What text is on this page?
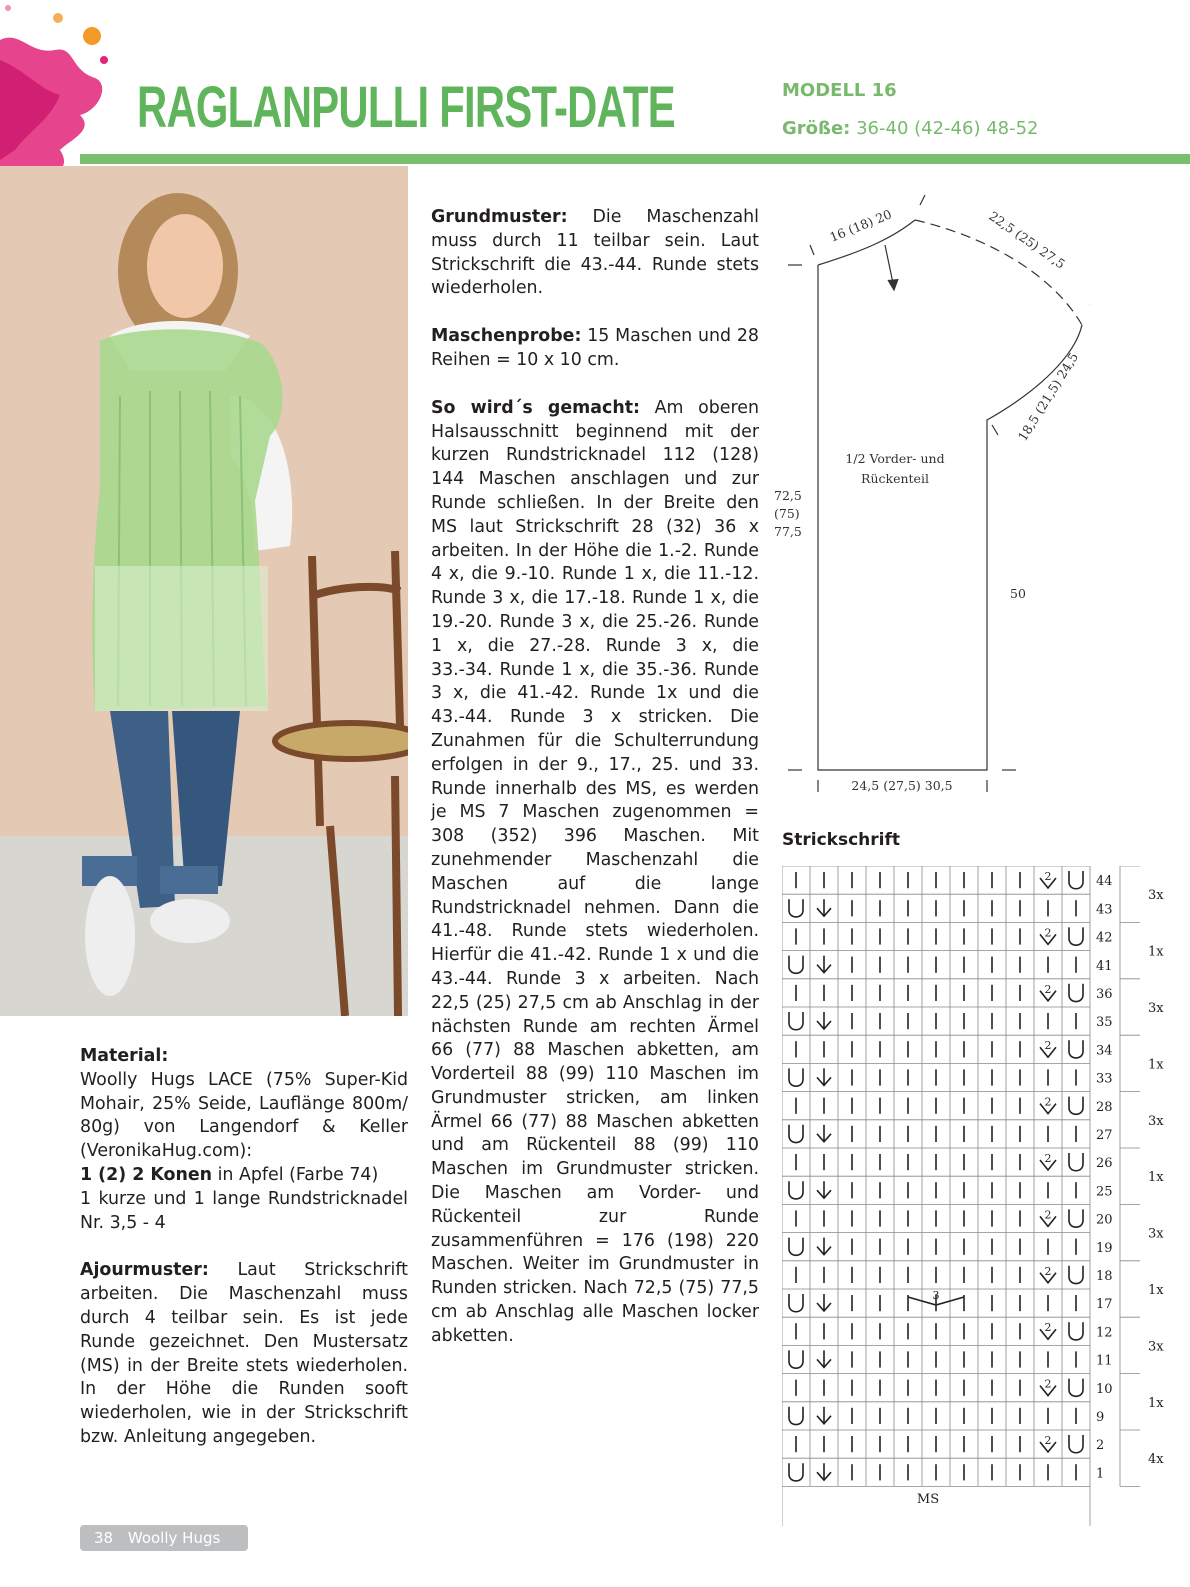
RAGLANPULLI FIRST-DATE	MODELL 16
Größe: 36-40 (42-46) 48-52

Material:
Woolly Hugs LACE (75% Super-Kid Mohair, 25% Seide, Lauflänge 800m/ 80g) von Langendorf & Keller (VeronikaHug.com):
1 (2) 2 Konen in Apfel (Farbe 74)
1 kurze und 1 lange Rundstricknadel Nr. 3,5 - 4

Ajourmuster: Laut Strickschrift arbeiten. Die Maschenzahl muss durch 4 teilbar sein. Es ist jede Runde gezeichnet. Den Mustersatz (MS) in der Breite stets wiederholen. In der Höhe die Runden sooft wiederholen, wie in der Strickschrift bzw. Anleitung angegeben.

Grundmuster: Die Maschenzahl muss durch 11 teilbar sein. Laut Strickschrift die 43.-44. Runde stets wiederholen.

Maschenprobe: 15 Maschen und 28 Reihen = 10 x 10 cm.

So wird´s gemacht: Am oberen Halsausschnitt beginnend mit der kurzen Rundstricknadel 112 (128) 144 Maschen anschlagen und zur Runde schließen. In der Breite den MS laut Strickschrift 28 (32) 36 x arbeiten. In der Höhe die 1.-2. Runde 4 x, die 9.-10. Runde 1 x, die 11.-12. Runde 3 x, die 17.-18. Runde 1 x, die 19.-20. Runde 3 x, die 25.-26. Runde 1 x, die 27.-28. Runde 3 x, die 33.-34. Runde 1 x, die 35.-36. Runde 3 x, die 41.-42. Runde 1x und die 43.-44. Runde 3 x stricken. Die Zunahmen für die Schulterrundung erfolgen in der 9., 17., 25. und 33. Runde innerhalb des MS, es werden je MS 7 Maschen zugenommen = 308 (352) 396 Maschen. Mit zunehmender Maschenzahl die Maschen auf die lange Rundstricknadel nehmen. Dann die 41.-48. Runde stets wiederholen. Hierfür die 41.-42. Runde 1 x und die 43.-44. Runde 3 x arbeiten. Nach 22,5 (25) 27,5 cm ab Anschlag in der nächsten Runde am rechten Ärmel 66 (77) 88 Maschen abketten, am Vorderteil 88 (99) 110 Maschen im Grundmuster stricken, am linken Ärmel 66 (77) 88 Maschen abketten und am Rückenteil 88 (99) 110 Maschen im Grundmuster stricken. Die Maschen am Vorder- und Rückenteil zur Runde zusammenführen = 176 (198) 220 Maschen. Weiter im Grundmuster in Runden stricken. Nach 72,5 (75) 77,5 cm ab Anschlag alle Maschen locker abketten.

1/2 Vorder- und
Rückenteil
16 (18) 20	22,5 (25) 27,5
18,5 (21,5) 24,5
72,5
(75)
77,5
50
24,5 (27,5) 30,5
Strickschrift
2
2
2
2
2
2
2
2
2
2
2
3
44
43
42
41
36
35
34
33
28
27
26
25
20
19
18
17
12
11
10
9
2
1
3x
1x
3x
1x
3x
1x
3x
1x
3x
1x
4x
MS
38 Woolly Hugs
